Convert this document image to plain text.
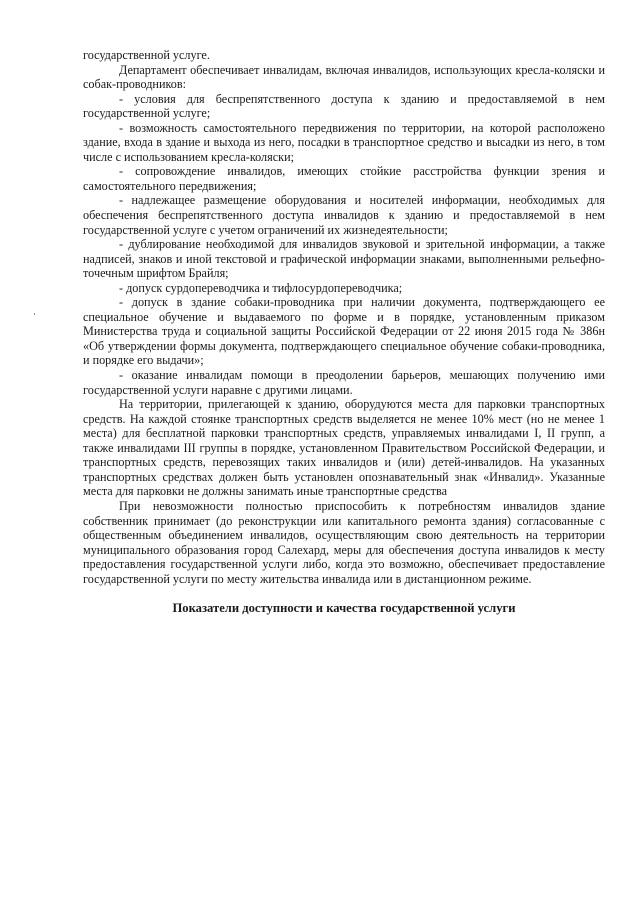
государственной услуге.

Департамент обеспечивает инвалидам, включая инвалидов, использующих кресла-коляски и собак-проводников:

- условия для беспрепятственного доступа к зданию и предоставляемой в нем государственной услуге;

- возможность самостоятельного передвижения по территории, на которой расположено здание, входа в здание и выхода из него, посадки в транспортное средство и высадки из него, в том числе с использованием кресла-коляски;

- сопровождение инвалидов, имеющих стойкие расстройства функции зрения и самостоятельного передвижения;

- надлежащее размещение оборудования и носителей информации, необходимых для обеспечения беспрепятственного доступа инвалидов к зданию и предоставляемой в нем государственной услуге с учетом ограничений их жизнедеятельности;

- дублирование необходимой для инвалидов звуковой и зрительной информации, а также надписей, знаков и иной текстовой и графической информации знаками, выполненными рельефно-точечным шрифтом Брайля;

- допуск сурдопереводчика и тифлосурдопереводчика;

- допуск в здание собаки-проводника при наличии документа, подтверждающего ее специальное обучение и выдаваемого по форме и в порядке, установленным приказом Министерства труда и социальной защиты Российской Федерации от 22 июня 2015 года № 386н «Об утверждении формы документа, подтверждающего специальное обучение собаки-проводника, и порядке его выдачи»;

- оказание инвалидам помощи в преодолении барьеров, мешающих получению ими государственной услуги наравне с другими лицами.

На территории, прилегающей к зданию, оборудуются места для парковки транспортных средств. На каждой стоянке транспортных средств выделяется не менее 10% мест (но не менее 1 места) для бесплатной парковки транспортных средств, управляемых инвалидами I, II групп, а также инвалидами III группы в порядке, установленном Правительством Российской Федерации, и транспортных средств, перевозящих таких инвалидов и (или) детей-инвалидов. На указанных транспортных средствах должен быть установлен опознавательный знак «Инвалид». Указанные места для парковки не должны занимать иные транспортные средства

При невозможности полностью приспособить к потребностям инвалидов здание собственник принимает (до реконструкции или капитального ремонта здания) согласованные с общественным объединением инвалидов, осуществляющим свою деятельность на территории муниципального образования город Салехард, меры для обеспечения доступа инвалидов к месту предоставления государственной услуги либо, когда это возможно, обеспечивает предоставление государственной услуги по месту жительства инвалида или в дистанционном режиме.

Показатели доступности и качества государственной услуги
